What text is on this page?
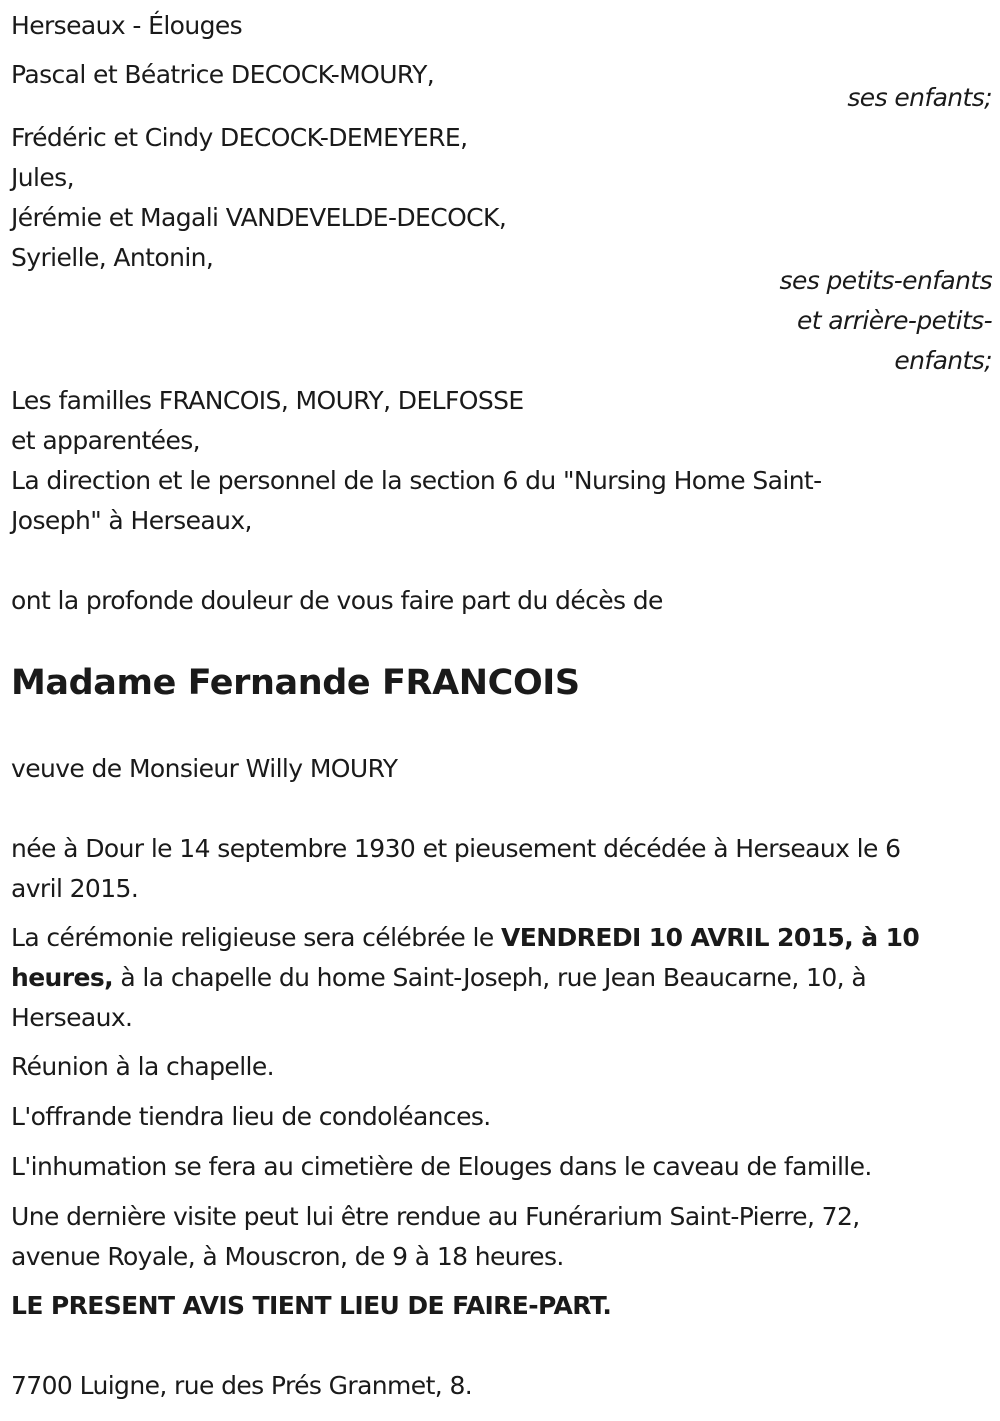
Herseaux - Élouges
Pascal et Béatrice DECOCK-MOURY,
ses enfants;
Frédéric et Cindy DECOCK-DEMEYERE,
Jules,
Jérémie et Magali VANDEVELDE-DECOCK,
Syrielle, Antonin,
ses petits-enfants
et arrière-petits-
enfants;
Les familles FRANCOIS, MOURY, DELFOSSE
et apparentées,
La direction et le personnel de la section 6 du "Nursing Home Saint-
Joseph" à Herseaux,
ont la profonde douleur de vous faire part du décès de
Madame Fernande FRANCOIS
veuve de Monsieur Willy MOURY
née à Dour le 14 septembre 1930 et pieusement décédée à Herseaux le 6
avril 2015.
La cérémonie religieuse sera célébrée le VENDREDI 10 AVRIL 2015, à 10
heures, à la chapelle du home Saint-Joseph, rue Jean Beaucarne, 10, à
Herseaux.
Réunion à la chapelle.
L'offrande tiendra lieu de condoléances.
L'inhumation se fera au cimetière de Elouges dans le caveau de famille.
Une dernière visite peut lui être rendue au Funérarium Saint-Pierre, 72,
avenue Royale, à Mouscron, de 9 à 18 heures.
LE PRESENT AVIS TIENT LIEU DE FAIRE-PART.
7700 Luigne, rue des Prés Granmet, 8.
